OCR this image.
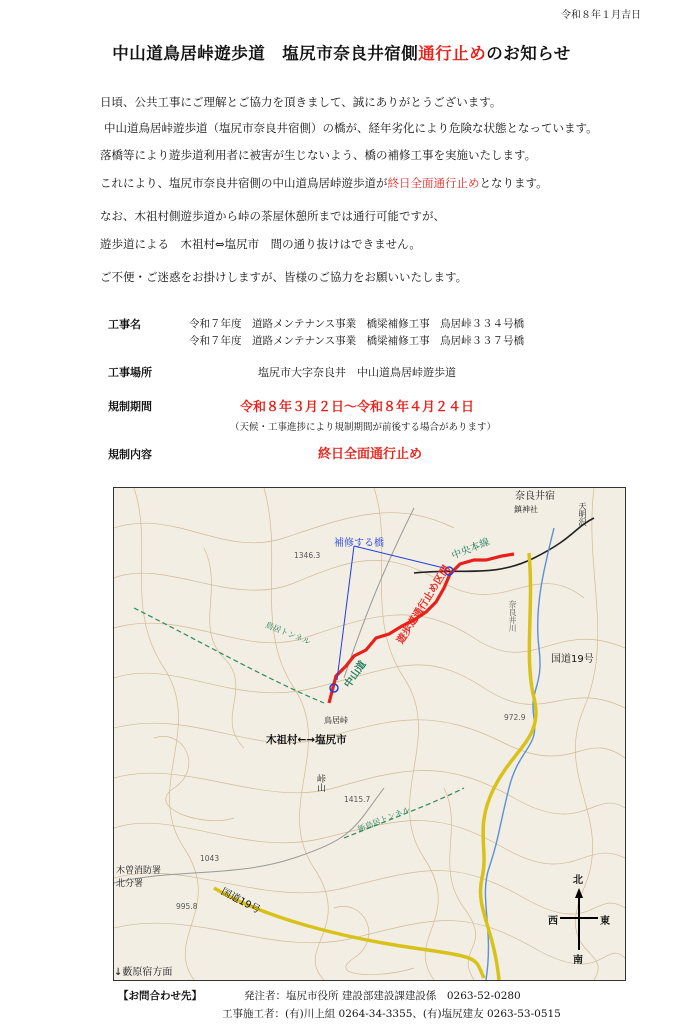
令和８年１月吉日
中山道鳥居峠遊歩道　塩尻市奈良井宿側通行止めのお知らせ
日頃、公共工事にご理解とご協力を頂きまして、誠にありがとうございます。
中山道鳥居峠遊歩道（塩尻市奈良井宿側）の橋が、経年劣化により危険な状態となっています。
落橋等により遊歩道利用者に被害が生じないよう、橋の補修工事を実施いたします。
これにより、塩尻市奈良井宿側の中山道鳥居峠遊歩道が終日全面通行止めとなります。
なお、木祖村側遊歩道から峠の茶屋休憩所までは通行可能ですが、
遊歩道による　木祖村⇔塩尻市　間の通り抜けはできません。
ご不便・ご迷惑をお掛けしますが、皆様のご協力をお願いいたします。
工事名	令和７年度　道路メンテナンス事業　橋梁補修工事　鳥居峠３３４号橋
令和７年度　道路メンテナンス事業　橋梁補修工事　鳥居峠３３７号橋
工事場所	塩尻市大字奈良井　中山道鳥居峠遊歩道
規制期間	令和８年３月２日～令和８年４月２４日
（天候・工事進捗により規制期間が前後する場合があります）
規制内容	終日全面通行止め
奈良井宿
鎮神社	天明沢
補修する橋	中央本線
1346.3
鳥居トンネル
奈良井川
遊歩道通行止め区間
中山道	国道19号
972.9
鳥居峠
木祖村←→塩尻市
峠山
1415.7
新鳥居トンネル
1043
木曽消防署
北分署
995.8 国道19号
↓藪原宿方面
北
南
東
西
【お問合わせ先】	発注者：塩尻市役所 建設部建設課建設係　0263-52-0280
工事施工者：(有)川上組 0264-34-3355、(有)塩尻建友 0263-53-0515
